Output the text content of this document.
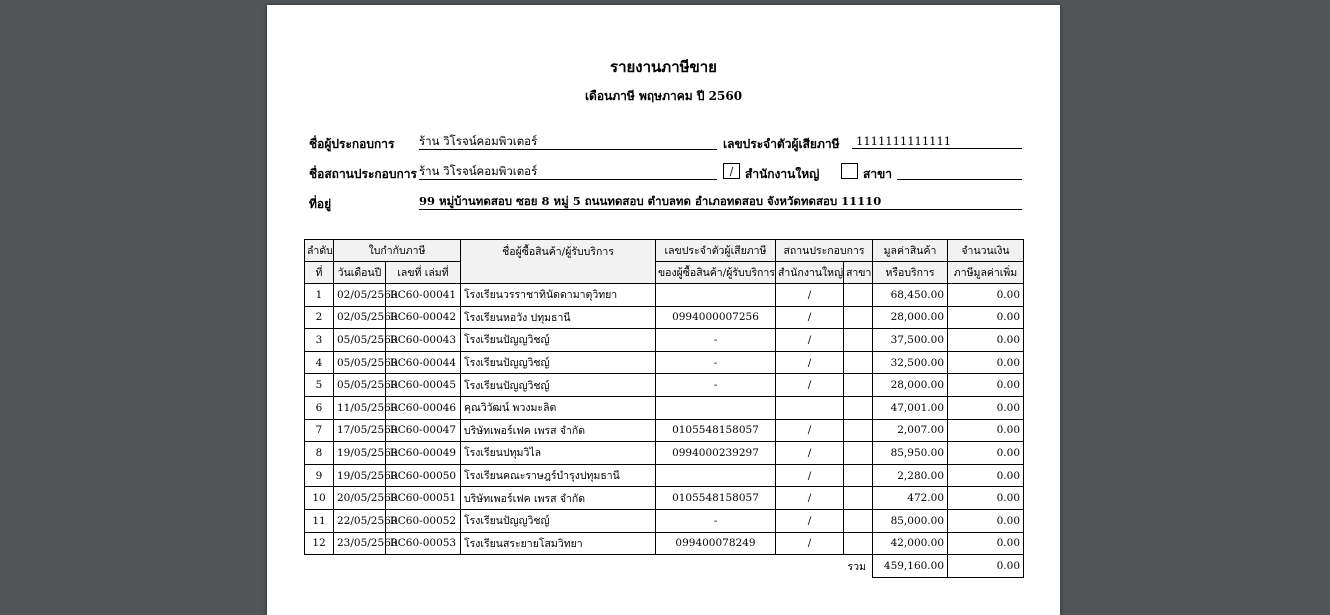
รายงานภาษีขาย
เดือนภาษี พฤษภาคม ปี 2560
ชื่อผู้ประกอบการ ร้าน วิโรจน์คอมพิวเตอร์	เลขประจำตัวผู้เสียภาษี	1111111111111
ชื่อสถานประกอบการ ร้าน วิโรจน์คอมพิวเตอร์	/ สำนักงานใหญ่	สาขา
ที่อยู่	99 หมู่บ้านทดสอบ ซอย 8 หมู่ 5 ถนนทดสอบ ตำบลทด อำเภอทดสอบ จังหวัดทดสอบ 11110
ลำดับ	ใบกำกับภาษี		ชื่อผู้ซื้อสินค้า/ผู้รับบริการ	เลขประจำตัวผู้เสียภาษี	สถานประกอบการ		มูลค่าสินค้า	จำนวนเงิน
ที่	วันเดือนปี	เลขที่ เล่มที่		ของผู้ซื้อสินค้า/ผู้รับบริการ	สำนักงานใหญ่	สาขา	หรือบริการ	ภาษีมูลค่าเพิ่ม
1	02/05/2560	RC60-00041	โรงเรียนวรราชาทินัดดามาตุวิทยา		/		68,450.00	0.00
2	02/05/2560	RC60-00042	โรงเรียนหอวัง ปทุมธานี	0994000007256	/		28,000.00	0.00
3	05/05/2560	RC60-00043	โรงเรียนปัญญวิชญ์	-	/		37,500.00	0.00
4	05/05/2560	RC60-00044	โรงเรียนปัญญวิชญ์	-	/		32,500.00	0.00
5	05/05/2560	RC60-00045	โรงเรียนปัญญวิชญ์	-	/		28,000.00	0.00
6	11/05/2560	RC60-00046	คุณวิวัฒน์ พวงมะลิต				47,001.00	0.00
7	17/05/2560	RC60-00047	บริษัทเพอร์เฟค เพรส จำกัด	0105548158057	/		2,007.00	0.00
8	19/05/2560	RC60-00049	โรงเรียนปทุมวิไล	0994000239297	/		85,950.00	0.00
9	19/05/2560	RC60-00050	โรงเรียนคณะราษฎร์บำรุงปทุมธานี		/		2,280.00	0.00
10	20/05/2560	RC60-00051	บริษัทเพอร์เฟค เพรส จำกัด	0105548158057	/		472.00	0.00
11	22/05/2560	RC60-00052	โรงเรียนปัญญวิชญ์	-	/		85,000.00	0.00
12	23/05/2560	RC60-00053	โรงเรียนสระยายโสมวิทยา	099400078249	/		42,000.00	0.00
รวม							459,160.00	0.00
